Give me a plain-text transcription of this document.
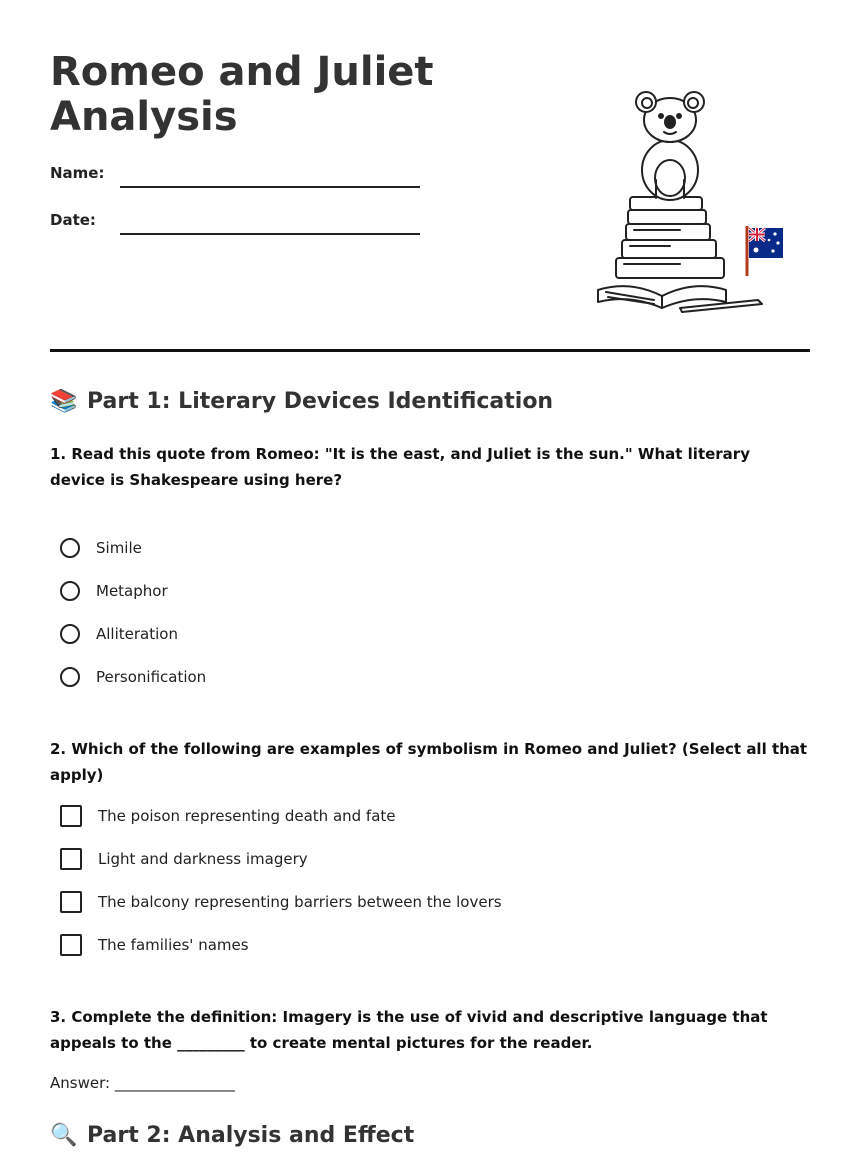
Romeo and Juliet Analysis
Name:
Date:
📚 Part 1: Literary Devices Identification
1. Read this quote from Romeo: "It is the east, and Juliet is the sun." What literary device is Shakespeare using here?
Simile
Metaphor
Alliteration
Personification
2. Which of the following are examples of symbolism in Romeo and Juliet? (Select all that apply)
The poison representing death and fate
Light and darkness imagery
The balcony representing barriers between the lovers
The families' names
3. Complete the definition: Imagery is the use of vivid and descriptive language that appeals to the _________ to create mental pictures for the reader.
Answer: ________________
🔍 Part 2: Analysis and Effect
